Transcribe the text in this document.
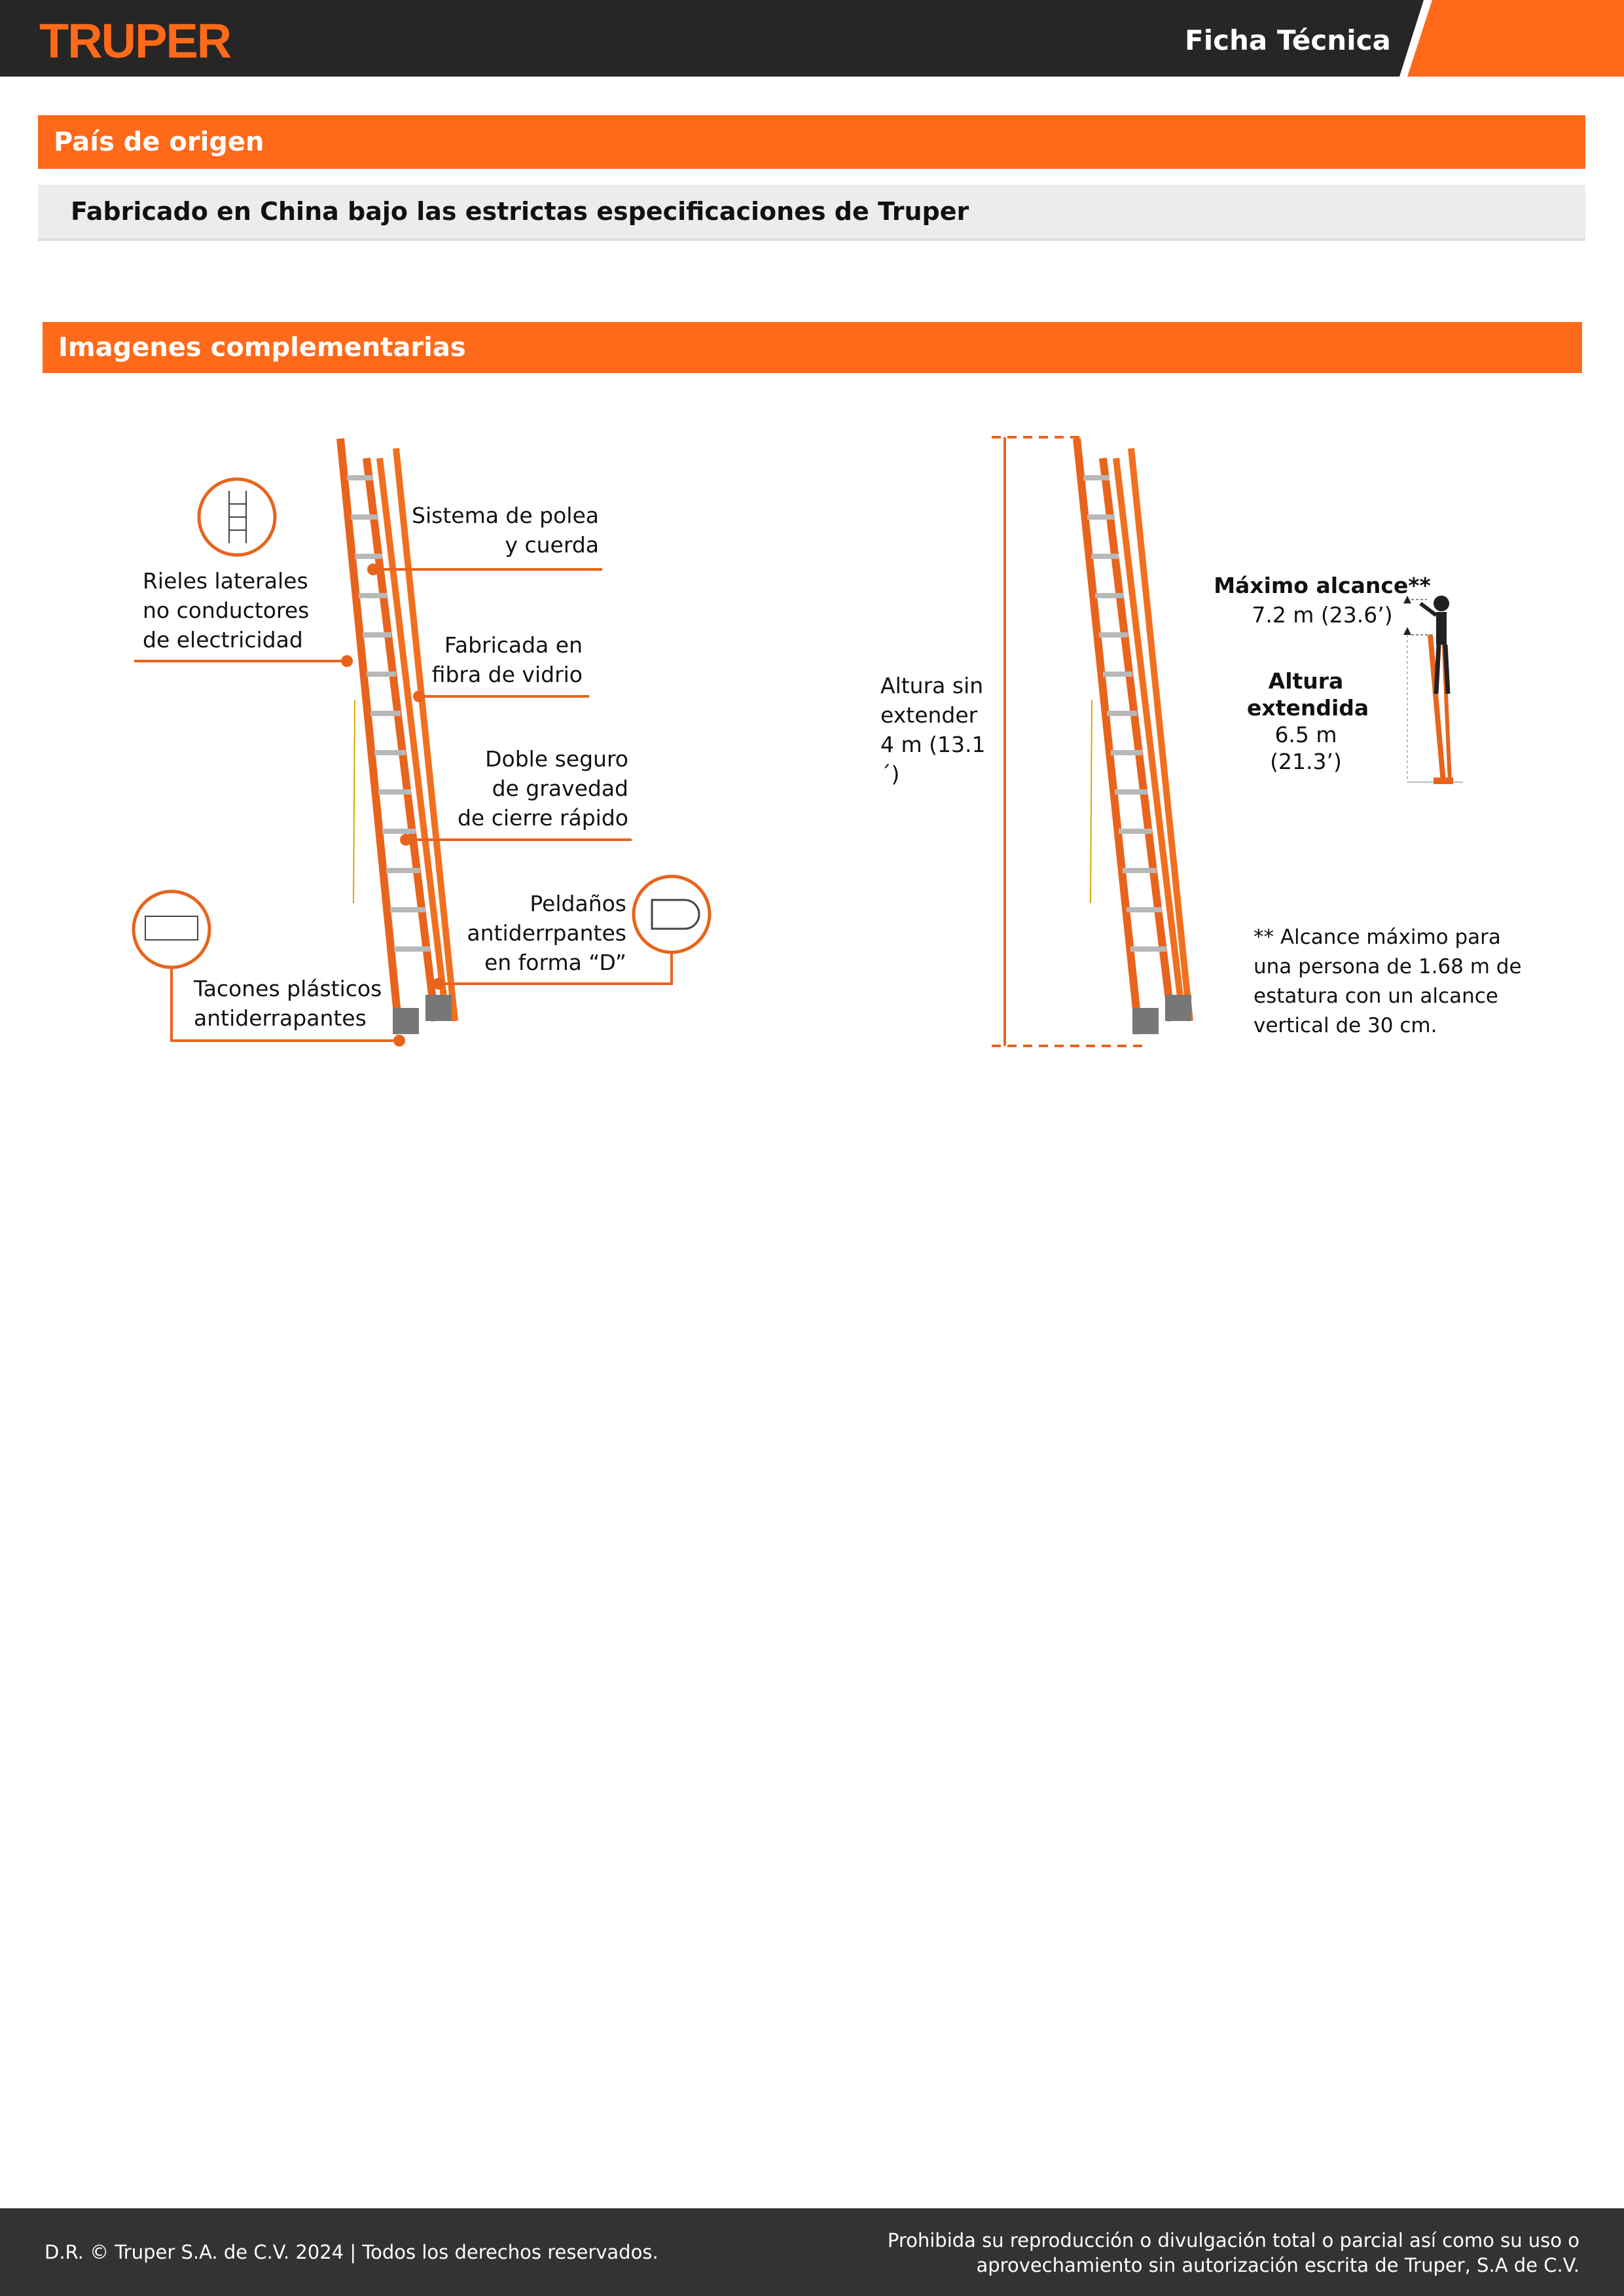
TRUPER	Ficha Técnica
País de origen
Fabricado en China bajo las estrictas especificaciones de Truper
Imagenes complementarias
Sistema de polea
y cuerda
Rieles laterales
no conductores
de electricidad	Fabricada en
fibra de vidrio
Doble seguro
de gravedad
de cierre rápido
Peldaños
antiderrpantes
en forma “D”
Tacones plásticos
antiderrapantes
Altura sin
extender
4 m (13.1´)
Máximo alcance**
7.2 m (23.6’)
Altura
extendida
6.5 m (21.3’)
** Alcance máximo para
una persona de 1.68 m de
estatura con un alcance
vertical de 30 cm.
D.R. © Truper S.A. de C.V. 2024 | Todos los derechos reservados.
Prohibida su reproducción o divulgación total o parcial así como su uso o
aprovechamiento sin autorización escrita de Truper, S.A de C.V.
